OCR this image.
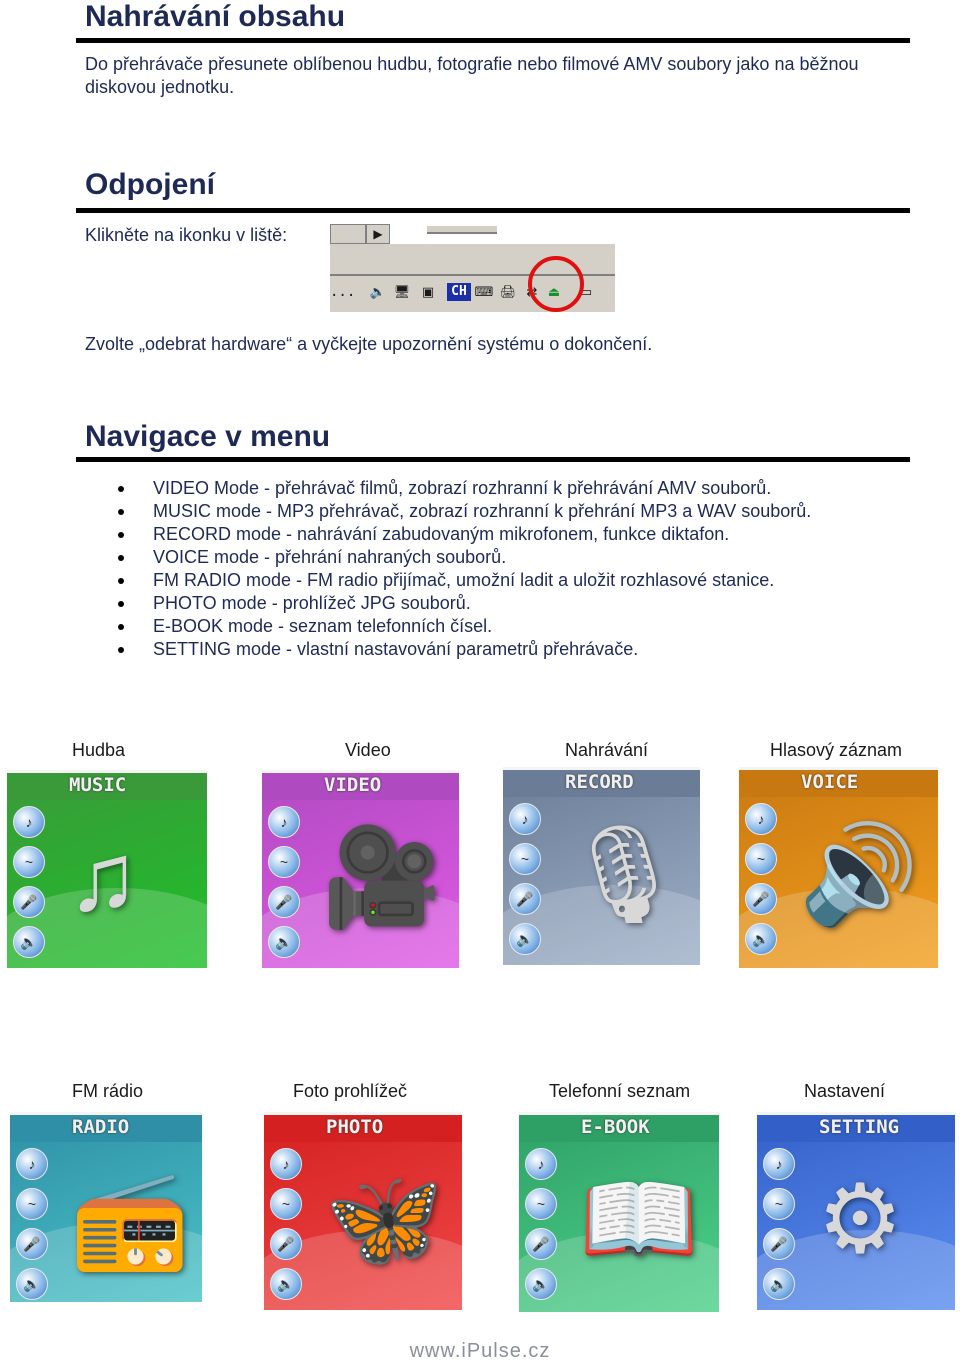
Nahrávání obsahu

Do přehrávače přesunete oblíbenou hudbu, fotografie nebo filmové AMV soubory jako na běžnou diskovou jednotku.

Odpojení

Klikněte na ikonku v liště:	▶
... 🔈 🖥 ▣	CH ⌨ 🖨 ⇄ ⏏ ▭

Zvolte „odebrat hardware“ a vyčkejte upozornění systému o dokončení.

Navigace v menu
VIDEO Mode - přehrávač filmů, zobrazí rozhranní k přehrávání AMV souborů.
MUSIC mode - MP3 přehrávač, zobrazí rozhranní k přehrání MP3 a WAV souborů.
RECORD mode - nahrávání zabudovaným mikrofonem, funkce diktafon.
VOICE mode - přehrání nahraných souborů.
FM RADIO mode - FM radio přijímač, umožní ladit a uložit rozhlasové stanice.
PHOTO mode - prohlížeč JPG souborů.
E-BOOK mode - seznam telefonních čísel.
SETTING mode - vlastní nastavování parametrů přehrávače.

Hudba

MUSIC
♪
~
🎤
🔈
♫

Video

VIDEO
♪
~
🎤
🔈
🎥

Nahrávání

RECORD
♪
~
🎤
🔈
🎙

Hlasový záznam

VOICE
♪
~
🎤
🔈
🔊

FM rádio

RADIO
♪
~
🎤
🔈
📻

Foto prohlížeč

PHOTO
♪
~
🎤
🔈
🦋

Telefonní seznam

E-BOOK
♪
~
🎤
🔈
📖

Nastavení

SETTING
♪
~
🎤
🔈
⚙
www.iPulse.cz
